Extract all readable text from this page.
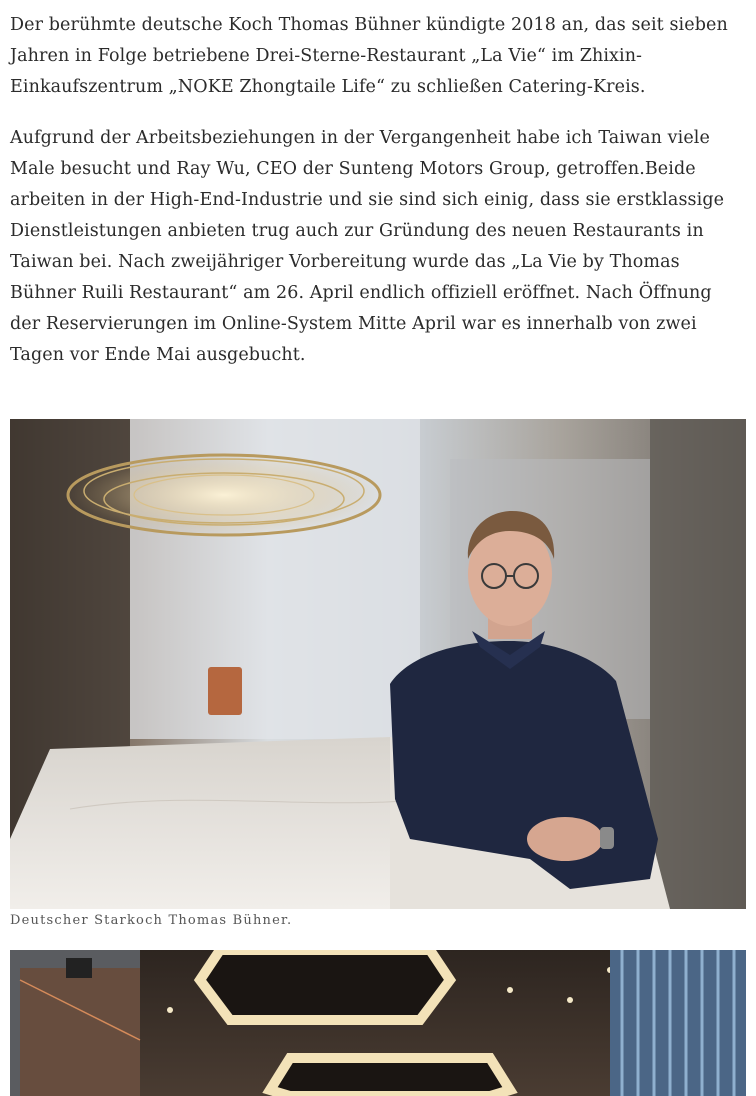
Der berühmte deutsche Koch Thomas Bühner kündigte 2018 an, das seit sieben Jahren in Folge betriebene Drei-Sterne-Restaurant „La Vie“ im Zhixin-Einkaufszentrum „NOKE Zhongtaile Life“ zu schließen Catering-Kreis.

Aufgrund der Arbeitsbeziehungen in der Vergangenheit habe ich Taiwan viele Male besucht und Ray Wu, CEO der Sunteng Motors Group, getroffen.Beide arbeiten in der High-End-Industrie und sie sind sich einig, dass sie erstklassige Dienstleistungen anbieten trug auch zur Gründung des neuen Restaurants in Taiwan bei. Nach zweijähriger Vorbereitung wurde das „La Vie by Thomas Bühner Ruili Restaurant“ am 26. April endlich offiziell eröffnet. Nach Öffnung der Reservierungen im Online-System Mitte April war es innerhalb von zwei Tagen vor Ende Mai ausgebucht.

Deutscher Starkoch Thomas Bühner.
